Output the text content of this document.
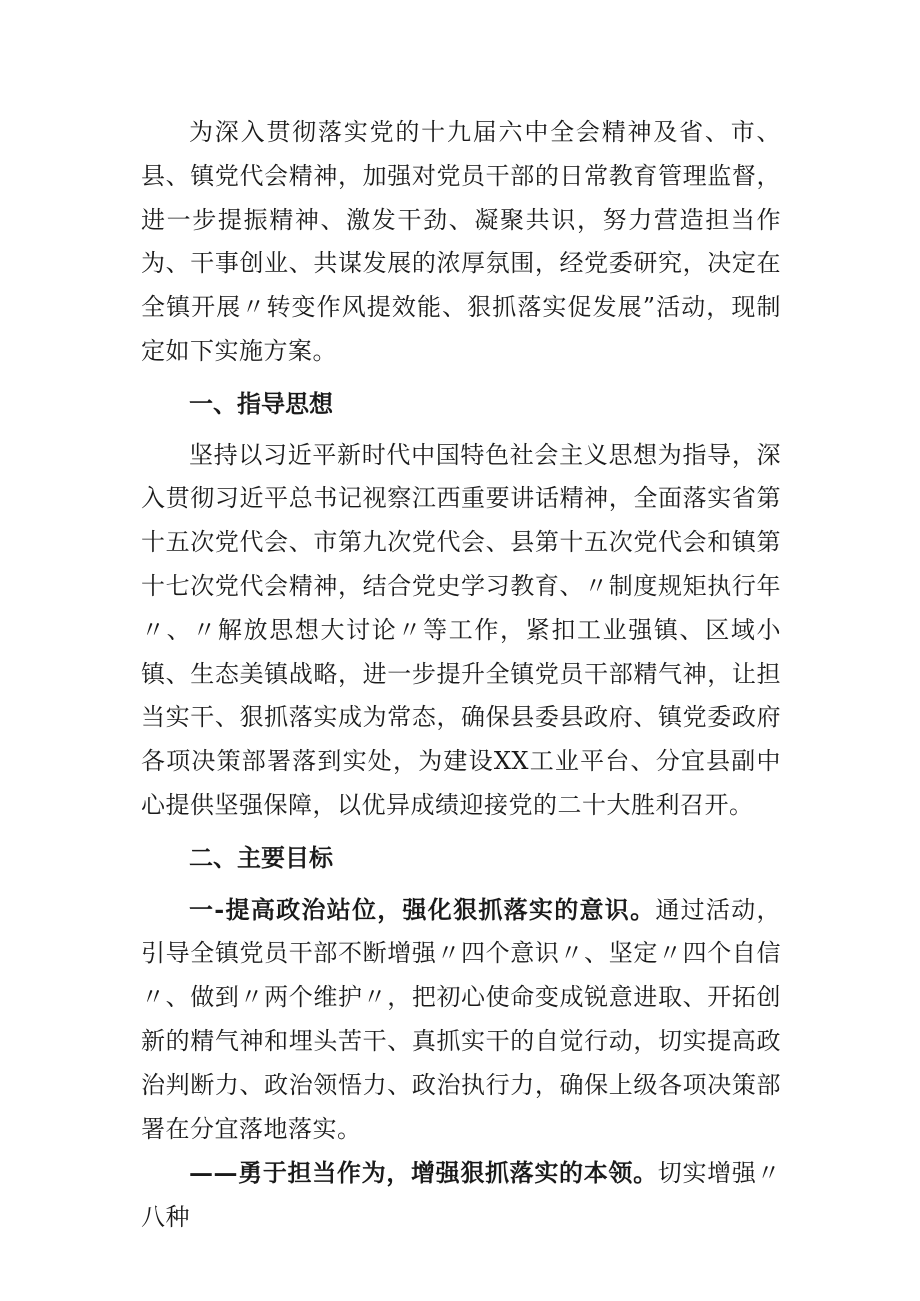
为深入贯彻落实党的十九届六中全会精神及省、市、县、镇党代会精神，加强对党员干部的日常教育管理监督，进一步提振精神、激发干劲、凝聚共识，努力营造担当作为、干事创业、共谋发展的浓厚氛围，经党委研究，决定在全镇开展〃转变作风提效能、狠抓落实促发展”活动，现制定如下实施方案。

一、指导思想

坚持以习近平新时代中国特色社会主义思想为指导，深入贯彻习近平总书记视察江西重要讲话精神，全面落实省第十五次党代会、市第九次党代会、县第十五次党代会和镇第十七次党代会精神，结合党史学习教育、〃制度规矩执行年〃、〃解放思想大讨论〃等工作，紧扣工业强镇、区域小镇、生态美镇战略，进一步提升全镇党员干部精气神，让担当实干、狠抓落实成为常态，确保县委县政府、镇党委政府各项决策部署落到实处，为建设XX工业平台、分宜县副中心提供坚强保障，以优异成绩迎接党的二十大胜利召开。

二、主要目标

一-提高政治站位，强化狠抓落实的意识。通过活动，引导全镇党员干部不断增强〃四个意识〃、坚定〃四个自信〃、做到〃两个维护〃，把初心使命变成锐意进取、开拓创新的精气神和埋头苦干、真抓实干的自觉行动，切实提高政治判断力、政治领悟力、政治执行力，确保上级各项决策部署在分宜落地落实。

——勇于担当作为，增强狠抓落实的本领。切实增强〃八种
